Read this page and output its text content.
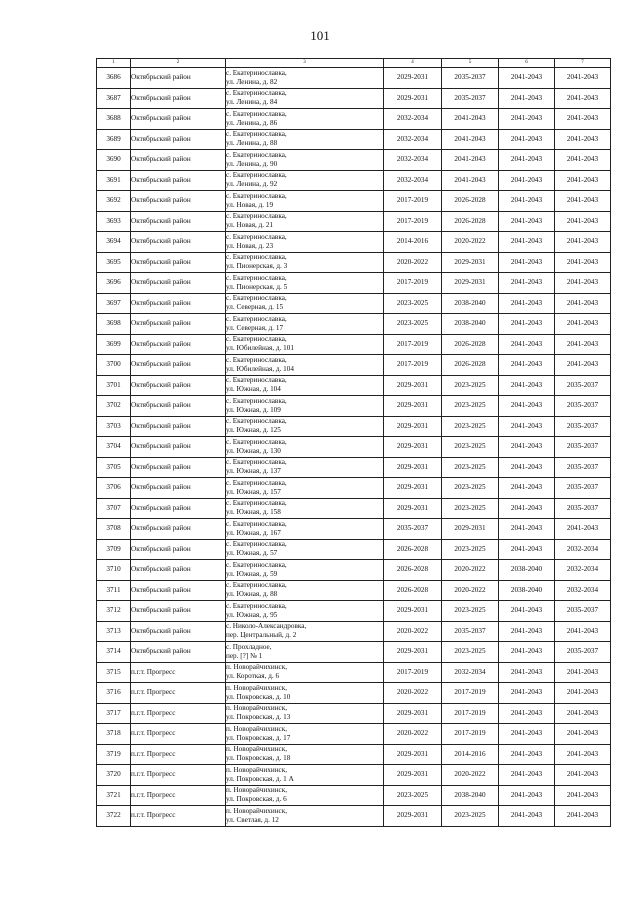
101
1	2	3	4	5	6	7
3686	Октябрьский район	с. Екатеринославка,
ул. Ленина, д. 82	2029-2031	2035-2037	2041-2043	2041-2043
3687	Октябрьский район	с. Екатеринославка,
ул. Ленина, д. 84	2029-2031	2035-2037	2041-2043	2041-2043
3688	Октябрьский район	с. Екатеринославка,
ул. Ленина, д. 86	2032-2034	2041-2043	2041-2043	2041-2043
3689	Октябрьский район	с. Екатеринославка,
ул. Ленина, д. 88	2032-2034	2041-2043	2041-2043	2041-2043
3690	Октябрьский район	с. Екатеринославка,
ул. Ленина, д. 90	2032-2034	2041-2043	2041-2043	2041-2043
3691	Октябрьский район	с. Екатеринославка,
ул. Ленина, д. 92	2032-2034	2041-2043	2041-2043	2041-2043
3692	Октябрьский район	с. Екатеринославка,
ул. Новая, д. 19	2017-2019	2026-2028	2041-2043	2041-2043
3693	Октябрьский район	с. Екатеринославка,
ул. Новая, д. 21	2017-2019	2026-2028	2041-2043	2041-2043
3694	Октябрьский район	с. Екатеринославка,
ул. Новая, д. 23	2014-2016	2020-2022	2041-2043	2041-2043
3695	Октябрьский район	с. Екатеринославка,
ул. Пионерская, д. 3	2020-2022	2029-2031	2041-2043	2041-2043
3696	Октябрьский район	с. Екатеринославка,
ул. Пионерская, д. 5	2017-2019	2029-2031	2041-2043	2041-2043
3697	Октябрьский район	с. Екатеринославка,
ул. Северная, д. 15	2023-2025	2038-2040	2041-2043	2041-2043
3698	Октябрьский район	с. Екатеринославка,
ул. Северная, д. 17	2023-2025	2038-2040	2041-2043	2041-2043
3699	Октябрьский район	с. Екатеринославка,
ул. Юбилейная, д. 101	2017-2019	2026-2028	2041-2043	2041-2043
3700	Октябрьский район	с. Екатеринославка,
ул. Юбилейная, д. 104	2017-2019	2026-2028	2041-2043	2041-2043
3701	Октябрьский район	с. Екатеринославка,
ул. Южная, д. 104	2029-2031	2023-2025	2041-2043	2035-2037
3702	Октябрьский район	с. Екатеринославка,
ул. Южная, д. 109	2029-2031	2023-2025	2041-2043	2035-2037
3703	Октябрьский район	с. Екатеринославка,
ул. Южная, д. 125	2029-2031	2023-2025	2041-2043	2035-2037
3704	Октябрьский район	с. Екатеринославка,
ул. Южная, д. 130	2029-2031	2023-2025	2041-2043	2035-2037
3705	Октябрьский район	с. Екатеринославка,
ул. Южная, д. 137	2029-2031	2023-2025	2041-2043	2035-2037
3706	Октябрьский район	с. Екатеринославка,
ул. Южная, д. 157	2029-2031	2023-2025	2041-2043	2035-2037
3707	Октябрьский район	с. Екатеринославка,
ул. Южная, д. 158	2029-2031	2023-2025	2041-2043	2035-2037
3708	Октябрьский район	с. Екатеринославка,
ул. Южная, д. 167	2035-2037	2029-2031	2041-2043	2041-2043
3709	Октябрьский район	с. Екатеринославка,
ул. Южная, д. 57	2026-2028	2023-2025	2041-2043	2032-2034
3710	Октябрьский район	с. Екатеринославка,
ул. Южная, д. 59	2026-2028	2020-2022	2038-2040	2032-2034
3711	Октябрьский район	с. Екатеринославка,
ул. Южная, д. 88	2026-2028	2020-2022	2038-2040	2032-2034
3712	Октябрьский район	с. Екатеринославка,
ул. Южная, д. 95	2029-2031	2023-2025	2041-2043	2035-2037
3713	Октябрьский район	с. Николо-Александровка,
пер. Центральный, д. 2	2020-2022	2035-2037	2041-2043	2041-2043
3714	Октябрьский район	с. Прохладное,
пер. [?] № 1	2029-2031	2023-2025	2041-2043	2035-2037
3715	п.г.т. Прогресс	п. Новорайчихинск,
ул. Короткая, д. 6	2017-2019	2032-2034	2041-2043	2041-2043
3716	п.г.т. Прогресс	п. Новорайчихинск,
ул. Покровская, д. 10	2020-2022	2017-2019	2041-2043	2041-2043
3717	п.г.т. Прогресс	п. Новорайчихинск,
ул. Покровская, д. 13	2029-2031	2017-2019	2041-2043	2041-2043
3718	п.г.т. Прогресс	п. Новорайчихинск,
ул. Покровская, д. 17	2020-2022	2017-2019	2041-2043	2041-2043
3719	п.г.т. Прогресс	п. Новорайчихинск,
ул. Покровская, д. 18	2029-2031	2014-2016	2041-2043	2041-2043
3720	п.г.т. Прогресс	п. Новорайчихинск,
ул. Покровская, д. 1 А	2029-2031	2020-2022	2041-2043	2041-2043
3721	п.г.т. Прогресс	п. Новорайчихинск,
ул. Покровская, д. 6	2023-2025	2038-2040	2041-2043	2041-2043
3722	п.г.т. Прогресс	п. Новорайчихинск,
ул. Светлая, д. 12	2029-2031	2023-2025	2041-2043	2041-2043
